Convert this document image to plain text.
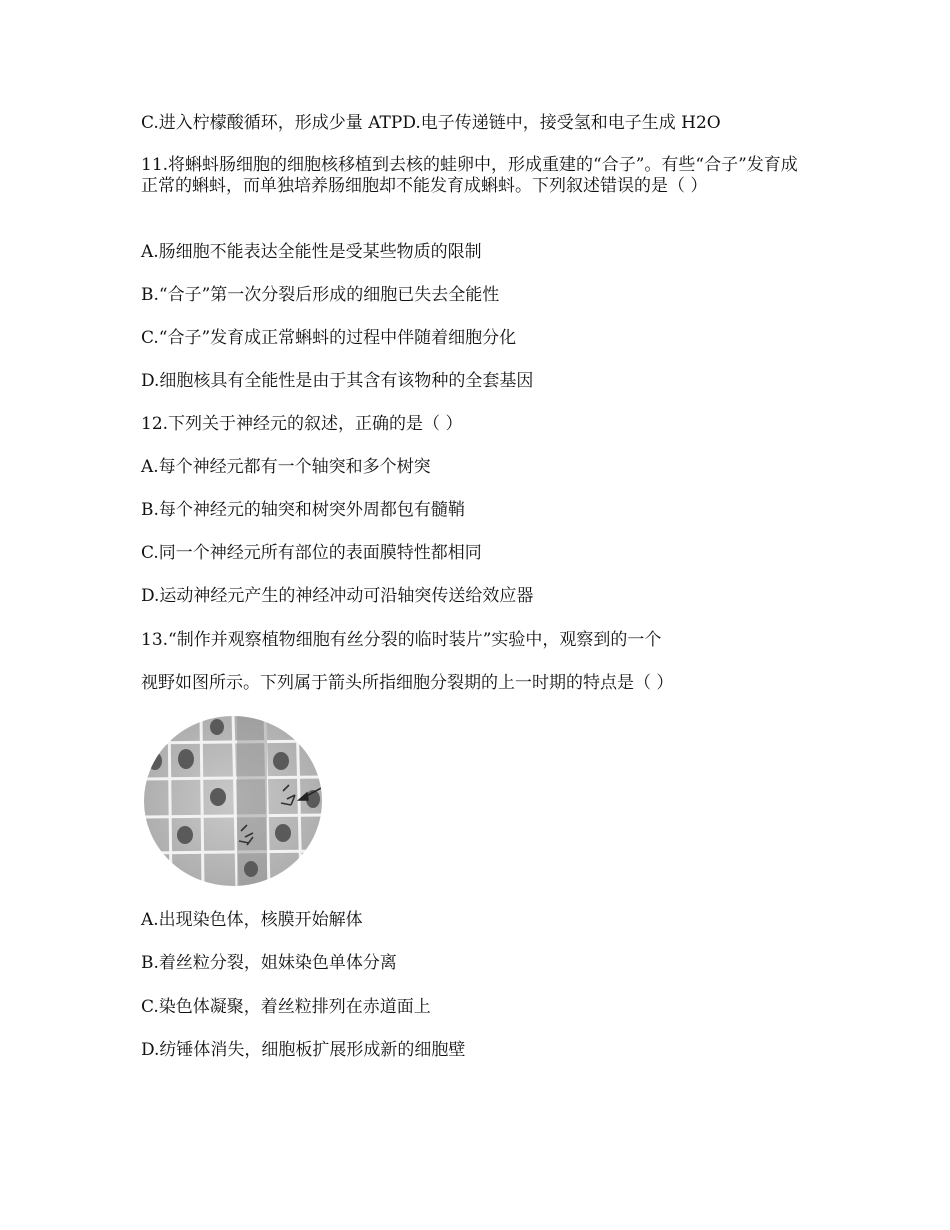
C.进入柠檬酸循环，形成少量 ATPD.电子传递链中，接受氢和电子生成 H2O
11.将蝌蚪肠细胞的细胞核移植到去核的蛙卵中，形成重建的“合子”。有些“合子”发育成正常的蝌蚪，而单独培养肠细胞却不能发育成蝌蚪。下列叙述错误的是（ ）
A.肠细胞不能表达全能性是受某些物质的限制
B.“合子”第一次分裂后形成的细胞已失去全能性
C.“合子”发育成正常蝌蚪的过程中伴随着细胞分化
D.细胞核具有全能性是由于其含有该物种的全套基因
12.下列关于神经元的叙述，正确的是（ ）
A.每个神经元都有一个轴突和多个树突
B.每个神经元的轴突和树突外周都包有髓鞘
C.同一个神经元所有部位的表面膜特性都相同
D.运动神经元产生的神经冲动可沿轴突传送给效应器
13.“制作并观察植物细胞有丝分裂的临时装片”实验中，观察到的一个
视野如图所示。下列属于箭头所指细胞分裂期的上一时期的特点是（ ）
A.出现染色体，核膜开始解体
B.着丝粒分裂，姐妹染色单体分离
C.染色体凝聚，着丝粒排列在赤道面上
D.纺锤体消失，细胞板扩展形成新的细胞壁
